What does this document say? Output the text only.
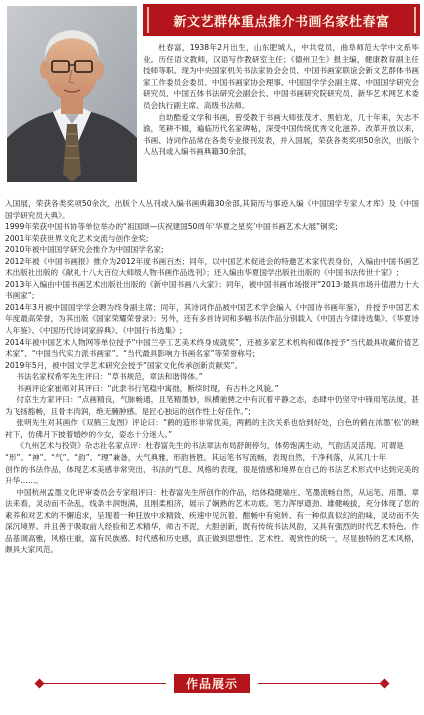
新文艺群体重点推介书画名家杜春富

杜春富，1938年2月出生，山东肥城人，中共党员，曲阜师范大学中文系毕业。历任语文教师，汉语写作教研室主任；《德州卫生》报主编，健康教育副主任技师等职。现为中央国家机关书法家协会会员、中国书画家联谊会新文艺群体书画家工作委员会委员、中国书画家协会理事、中国国学学会副主席、中国国学研究会研究员、中国五体书法研究会副会长、中国书画研究院研究员、新华艺术网艺术委员会执行副主席、高级书法师。

自幼酷爱文学和书画，曾受教于书画大师张茂才、黑伯龙，几十年来，矢志不渝，笔耕不辍，遍临历代名家碑帖，深受中国传统优秀文化滋养。改革开放以来，书画、诗词作品常在各类专业报刊发表，并入国展，荣获各类奖项50余次，出版个人丛刊或入编书画典籍30余部，

入国展，荣获各类奖项50余次，出版个人丛刊或入编书画典籍30余部,其简历与事迹入编《中国国学专家人才库》及《中国国学研究员大典》。

1999年荣获中国书协等单位举办的“祖国颂—庆祝建国50周年‘华夏之星奖’中国书画艺术大展”铜奖;

2001年荣获世界文化艺术交流与创作金奖;

2010年被中国国学研究会推介为中国国学名家;

2012年被《中国书画报》推介为2012年度书画百杰；同年，以中国艺术促进会的特邀艺术家代表身份，入编由中国书画艺术出版社出版的《献礼十八大百位大师级人物书画作品选刊》；还入编由华夏国学出版社出版的《中国书法传世十家》;

2013年入编由中国书画艺术出版社出版的《新中国书画八大家》；同年，被中国书画市场报评“2013·最具市场升值潜力十大书画家”;

2014年3月被中国国学学会聘为终身副主席；同年，其诗词作品被中国艺术学会编入《中国诗书画年鉴》，并授予中国艺术年度最高荣誉，为其出版《国家荣耀荣誉录》；另外，还有多首诗词和多幅书法作品分别载入《中国古今律诗选集》、《华夏诗人年鉴》、《中国历代诗词家辞典》、《中国行书选集》;

2014年被中国艺术人物网等单位授予“中国兰亭工艺美术终身成就奖”，还被多家艺术机构和媒体授予“当代最具收藏价值艺术家”、“中国当代实力派书画家”、“当代最具影响力书画名家”等荣誉称号;

2019年5月，被中国文学艺术研究会授予“国家文化传承创新贡献奖”。

书法名家权希军先生评曰：“草书规范，章法和谐得体。”

书画评论家崔师对其评曰：“此隶书行笔稳中寓拙，断续时现，有古朴之风貌。”

付京生方家评曰：“点画精良，气脉畅通，且笔精墨妙，纵横驰骋之中有沉着平静之态，态肆中仍坚守中锋用笔法度，甚为飞扬豁畅，且骨丰肉润，绝无臃肿感。是匠心独运的创作性上好佳作。”;

张明先生对其画作《双鹤三友图》评论曰：“鹤的造形非常优美，两鹤的主次关系也恰到好处，白色的鹤在浓墨‘松’的映衬下，仿佛月下披着婚纱的少女，姿态十分迷人。”

《九州艺术与投资》杂志社名家点评：杜春富先生的书法章法布局舒朗停匀，体势饱满生动，气韵活灵活现。可谓是

“形”、“神”、“气”、“韵”、“理”兼备，大气典雅，形韵皆胜。其运笔书写流畅，表现自然，千净利落，从其几十年

创作的书法作品，体现艺术美感非常突出，书法的气息、风格的表现，很是情感和境界在自己的书法艺术形式中达到完美的升华……。

中国杭州孟墨文化评审委员会专家组评曰：杜春富先生所创作的作品，结体稳健端庄、笔墨流畅自然，从运笔、用墨、章法来看，灵动而不杂乱，线条丰润饱满，且刚柔相济，展示了娴熟的艺术功底。笔力浑厚遒劲、雄健峻拔，充分体现了您的素养和对艺术的不懈追求，呈现着一种狂放中求精致、疾速中见沉着、酣畅中有宛转、有一种似真似幻的韵味，灵动而不失深沉境界。并且善于吸取前人经验和艺术精华，师古不泥，大胆创新，既有传统书法风韵，又具有强烈的时代艺术特色。作品基调高雅，风格庄重，富有民族感、时代感和历史感，真正做到思想性、艺术性、观赏性的统一，尽显独特的艺术风格，颇具大家风范。

作品展示
